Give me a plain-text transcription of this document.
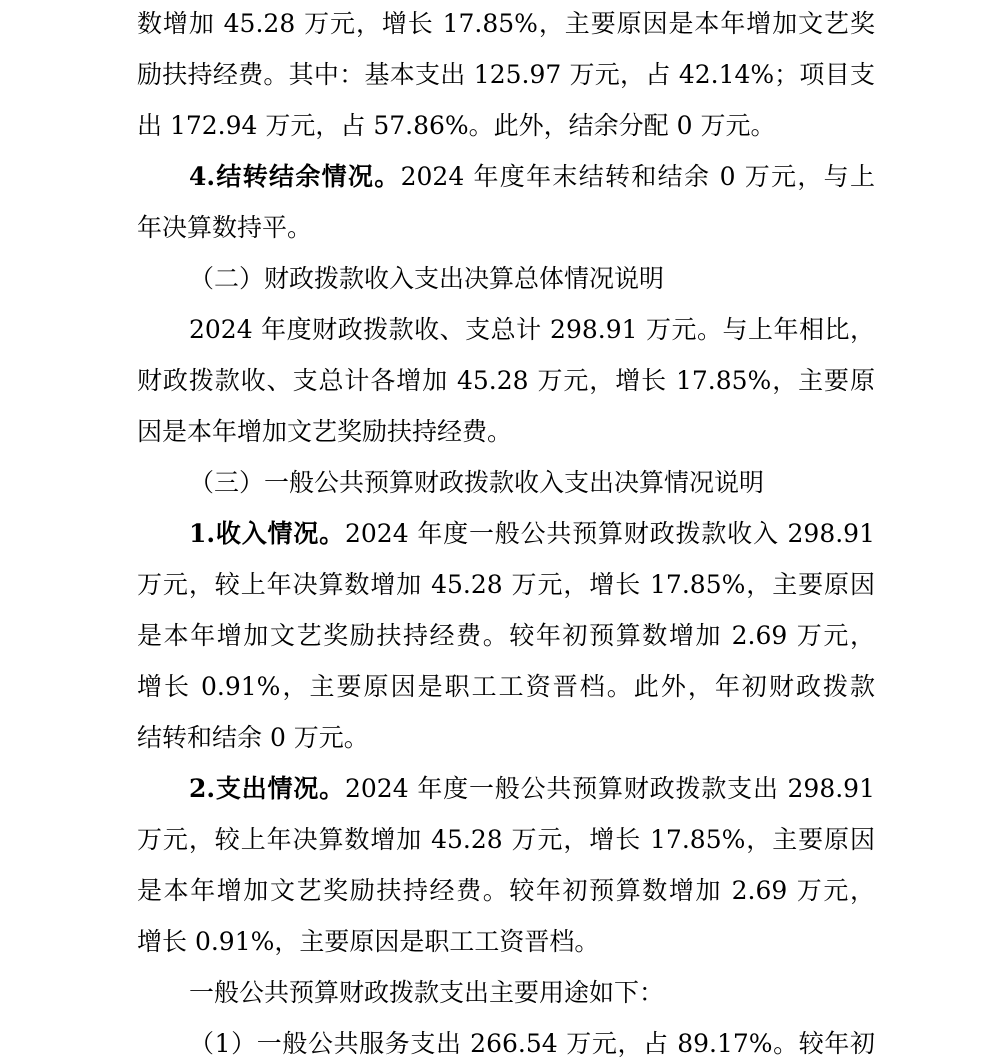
数增加 45.28 万元，增长 17.85%，主要原因是本年增加文艺奖
励扶持经费。其中：基本支出 125.97 万元，占 42.14%；项目支
出 172.94 万元，占 57.86%。此外，结余分配 0 万元。
4.结转结余情况。2024 年度年末结转和结余 0 万元，与上
年决算数持平。
（二）财政拨款收入支出决算总体情况说明
2024 年度财政拨款收、支总计 298.91 万元。与上年相比，
财政拨款收、支总计各增加 45.28 万元，增长 17.85%，主要原
因是本年增加文艺奖励扶持经费。
（三）一般公共预算财政拨款收入支出决算情况说明
1.收入情况。2024 年度一般公共预算财政拨款收入 298.91
万元，较上年决算数增加 45.28 万元，增长 17.85%，主要原因
是本年增加文艺奖励扶持经费。较年初预算数增加 2.69 万元，
增长 0.91%，主要原因是职工工资晋档。此外，年初财政拨款
结转和结余 0 万元。
2.支出情况。2024 年度一般公共预算财政拨款支出 298.91
万元，较上年决算数增加 45.28 万元，增长 17.85%，主要原因
是本年增加文艺奖励扶持经费。较年初预算数增加 2.69 万元，
增长 0.91%，主要原因是职工工资晋档。
一般公共预算财政拨款支出主要用途如下：
（1）一般公共服务支出 266.54 万元，占 89.17%。较年初
